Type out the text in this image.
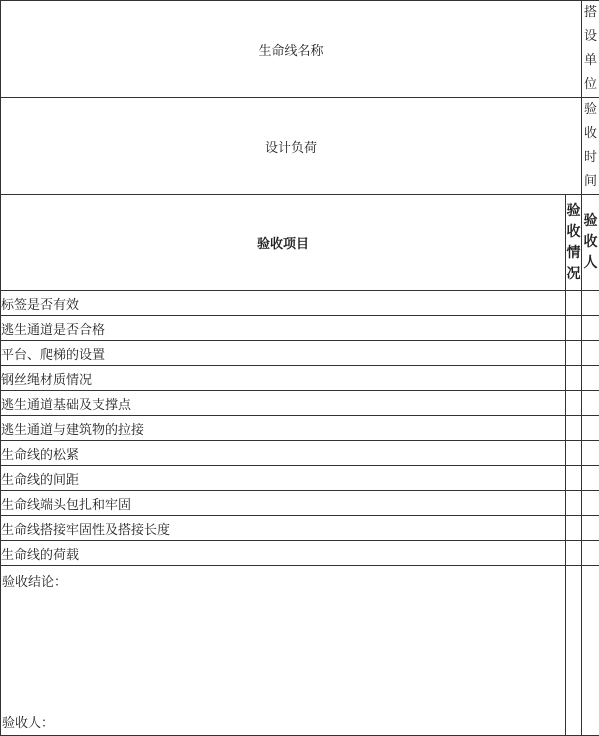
生命线名称		搭设单位

设计负荷		验收时间

验收项目	验收情况	验收人

标签是否有效		
逃生通道是否合格		
平台、爬梯的设置		
钢丝绳材质情况		
逃生通道基础及支撑点		
逃生通道与建筑物的拉接		
生命线的松紧		
生命线的间距		
生命线端头包扎和牢固		
生命线搭接牢固性及搭接长度		
生命线的荷载		

验收结论：
验收人：		
